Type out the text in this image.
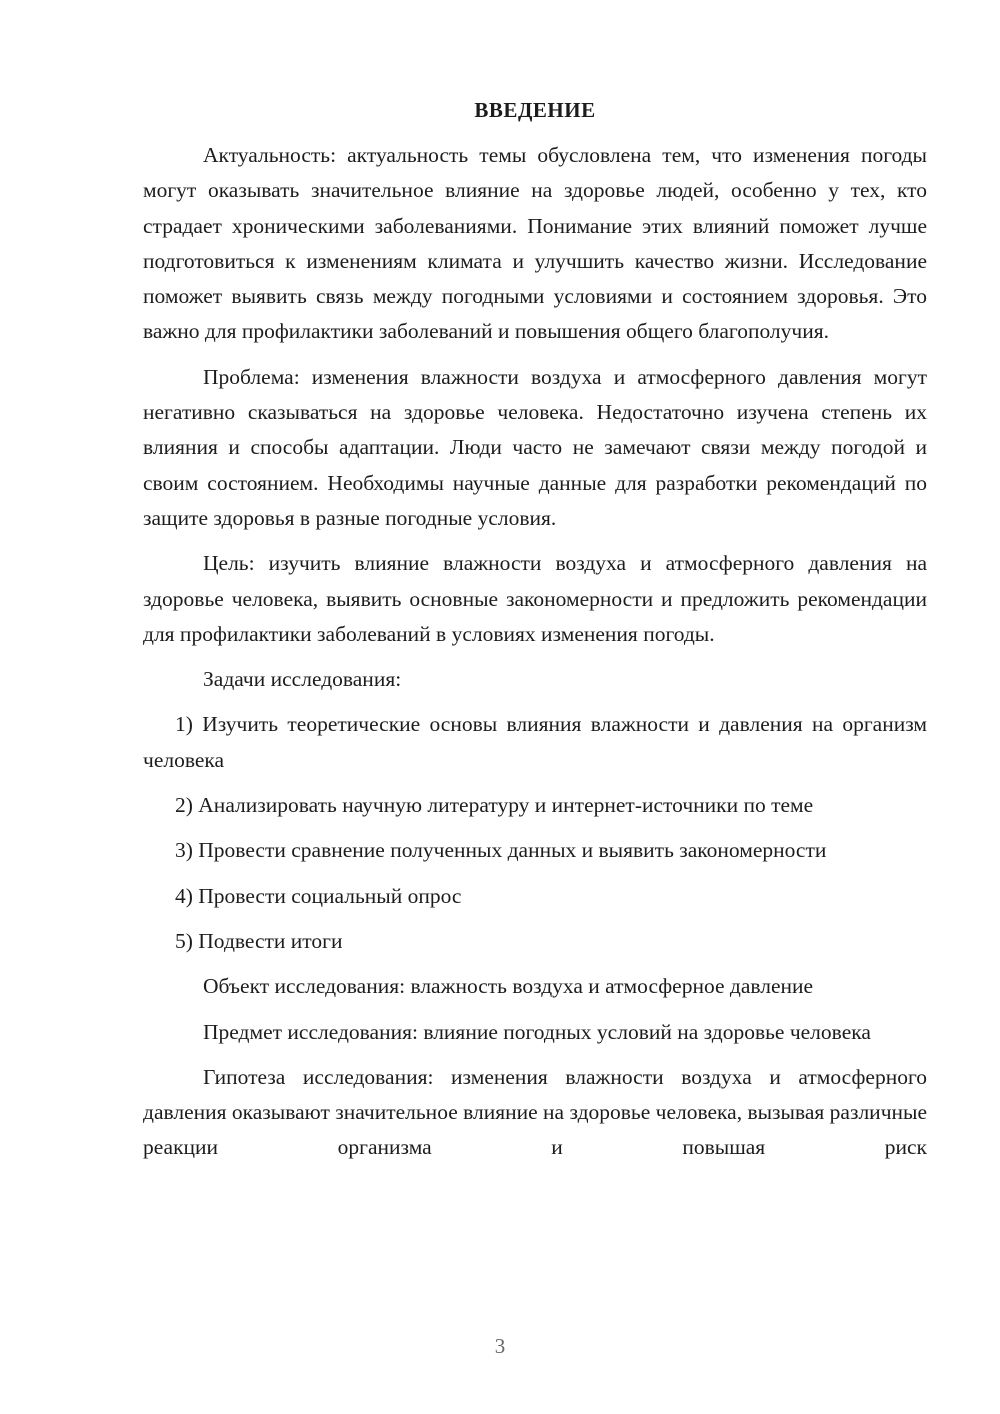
ВВЕДЕНИЕ

Актуальность: актуальность темы обусловлена тем, что изменения погоды могут оказывать значительное влияние на здоровье людей, особенно у тех, кто страдает хроническими заболеваниями. Понимание этих влияний поможет лучше подготовиться к изменениям климата и улучшить качество жизни. Исследование поможет выявить связь между погодными условиями и состоянием здоровья. Это важно для профилактики заболеваний и повышения общего благополучия.

Проблема: изменения влажности воздуха и атмосферного давления могут негативно сказываться на здоровье человека. Недостаточно изучена степень их влияния и способы адаптации. Люди часто не замечают связи между погодой и своим состоянием. Необходимы научные данные для разработки рекомендаций по защите здоровья в разные погодные условия.

Цель: изучить влияние влажности воздуха и атмосферного давления на здоровье человека, выявить основные закономерности и предложить рекомендации для профилактики заболеваний в условиях изменения погоды.

Задачи исследования:

1) Изучить теоретические основы влияния влажности и давления на организм человека

2) Анализировать научную литературу и интернет-источники по теме

3) Провести сравнение полученных данных и выявить закономерности

4) Провести социальный опрос

5) Подвести итоги

Объект исследования: влажность воздуха и атмосферное давление

Предмет исследования: влияние погодных условий на здоровье человека

Гипотеза исследования: изменения влажности воздуха и атмосферного давления оказывают значительное влияние на здоровье человека, вызывая различные реакции организма и повышая риск

3
